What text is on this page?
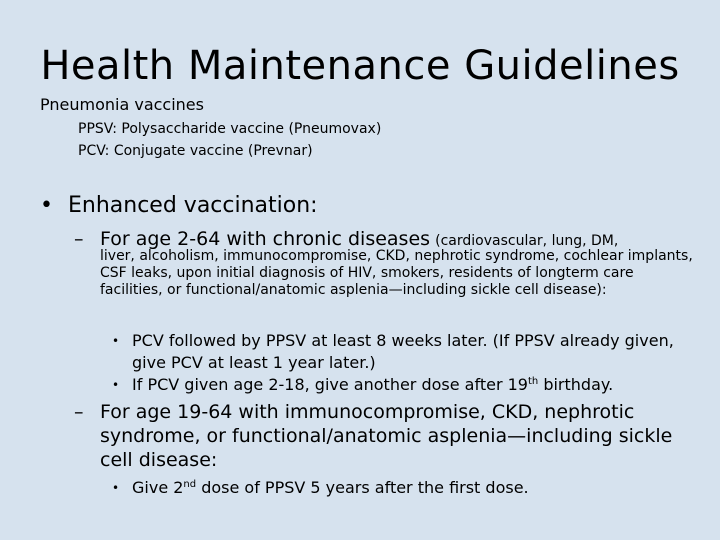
Health Maintenance Guidelines
Pneumonia vaccines
PPSV: Polysaccharide vaccine (Pneumovax)
PCV: Conjugate vaccine (Prevnar)
• Enhanced vaccination:
– For age 2-64 with chronic diseases (cardiovascular, lung, DM,
liver, alcoholism, immunocompromise, CKD, nephrotic syndrome, cochlear implants, CSF leaks, upon initial diagnosis of HIV, smokers, residents of longterm care facilities, or functional/anatomic asplenia—including sickle cell disease):
• PCV followed by PPSV at least 8 weeks later. (If PPSV already given, give PCV at least 1 year later.)
• If PCV given age 2-18, give another dose after 19th birthday.
– For age 19-64 with immunocompromise, CKD, nephrotic syndrome, or functional/anatomic asplenia—including sickle cell disease:
• Give 2nd dose of PPSV 5 years after the first dose.
